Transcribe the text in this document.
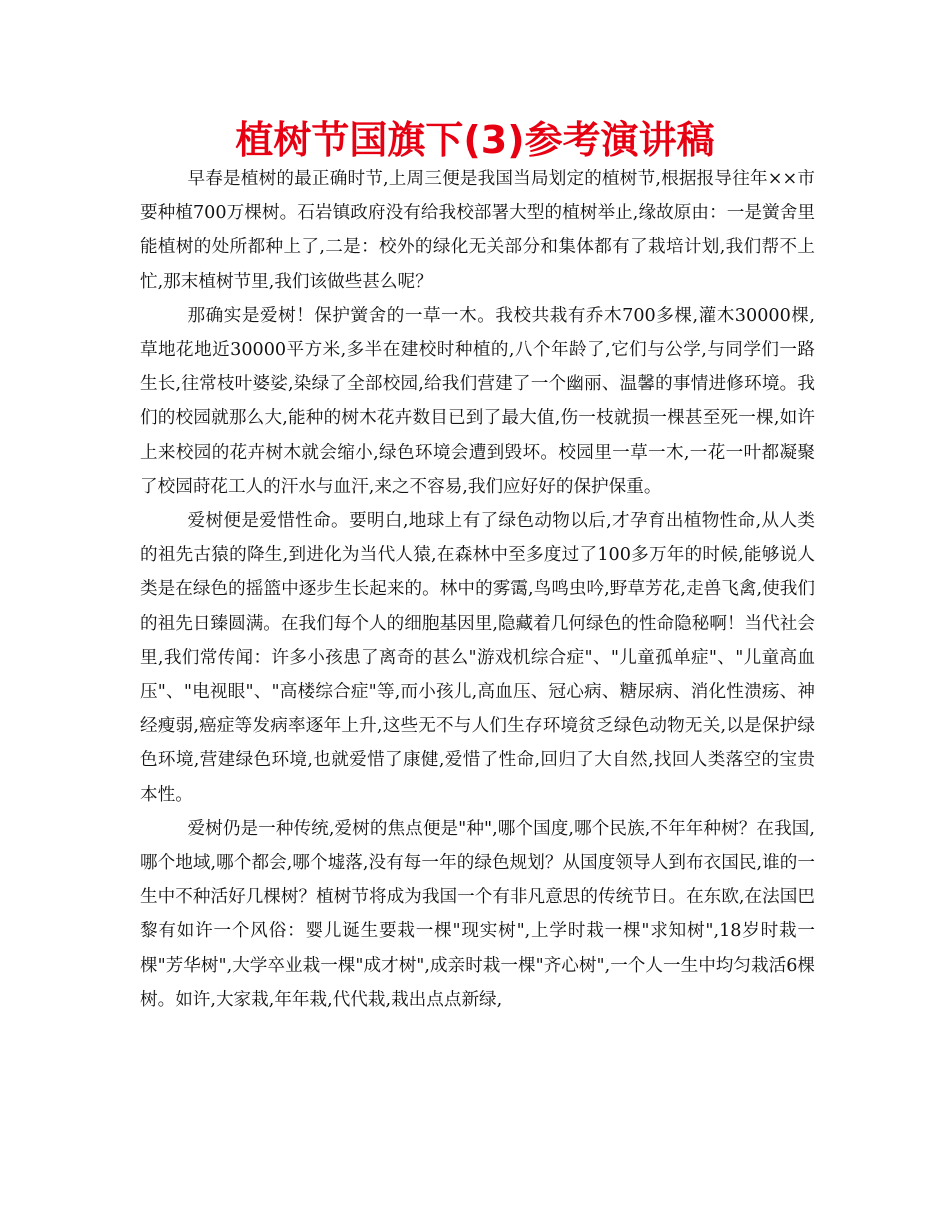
植树节国旗下(3)参考演讲稿

早春是植树的最正确时节,上周三便是我国当局划定的植树节,根据报导往年××市要种植700万棵树。石岩镇政府没有给我校部署大型的植树举止,缘故原由：一是黉舍里能植树的处所都种上了,二是：校外的绿化无关部分和集体都有了栽培计划,我们帮不上忙,那末植树节里,我们该做些甚么呢？

那确实是爱树！保护黉舍的一草一木。我校共栽有乔木700多棵,灌木30000棵,草地花地近30000平方米,多半在建校时种植的,八个年龄了,它们与公学,与同学们一路生长,往常枝叶婆娑,染绿了全部校园,给我们营建了一个幽丽、温馨的事情进修环境。我们的校园就那么大,能种的树木花卉数目已到了最大值,伤一枝就损一棵甚至死一棵,如许上来校园的花卉树木就会缩小,绿色环境会遭到毁坏。校园里一草一木,一花一叶都凝聚了校园莳花工人的汗水与血汗,来之不容易,我们应好好的保护保重。

爱树便是爱惜性命。要明白,地球上有了绿色动物以后,才孕育出植物性命,从人类的祖先古猿的降生,到进化为当代人猿,在森林中至多度过了100多万年的时候,能够说人类是在绿色的摇篮中逐步生长起来的。林中的雾霭,鸟鸣虫吟,野草芳花,走兽飞禽,使我们的祖先日臻圆满。在我们每个人的细胞基因里,隐藏着几何绿色的性命隐秘啊！当代社会里,我们常传闻：许多小孩患了离奇的甚么"游戏机综合症"、"儿童孤单症"、"儿童高血压"、"电视眼"、"高楼综合症"等,而小孩儿,高血压、冠心病、糖尿病、消化性溃疡、神经瘦弱,癌症等发病率逐年上升,这些无不与人们生存环境贫乏绿色动物无关,以是保护绿色环境,营建绿色环境,也就爱惜了康健,爱惜了性命,回归了大自然,找回人类落空的宝贵本性。

爱树仍是一种传统,爱树的焦点便是"种",哪个国度,哪个民族,不年年种树？在我国,哪个地域,哪个都会,哪个墟落,没有每一年的绿色规划？从国度领导人到布衣国民,谁的一生中不种活好几棵树？植树节将成为我国一个有非凡意思的传统节日。在东欧,在法国巴黎有如许一个风俗：婴儿诞生要栽一棵"现实树",上学时栽一棵"求知树",18岁时栽一棵"芳华树",大学卒业栽一棵"成才树",成亲时栽一棵"齐心树",一个人一生中均匀栽活6棵树。如许,大家栽,年年栽,代代栽,栽出点点新绿,
